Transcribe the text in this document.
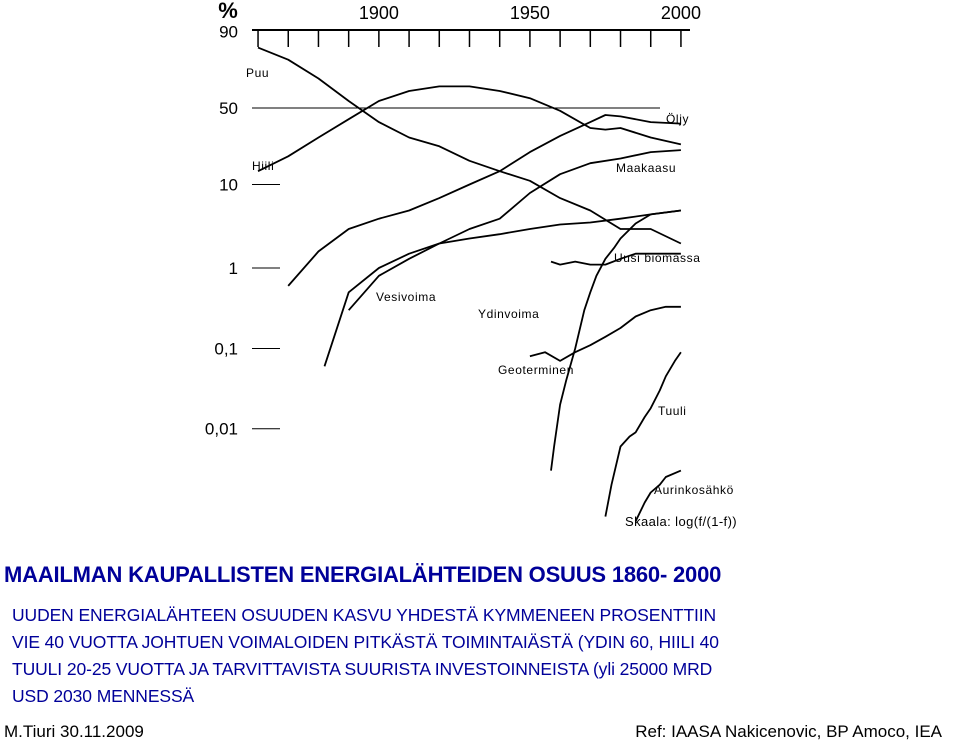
1900	1950	2000
%
90
50
10
1
0,1
0,01
Puu
Hiili
Öljy
Maakaasu
Vesivoima
Ydinvoima
Uusi biomassa
Geoterminen
Tuuli
Aurinkosähkö
Skaala: log(f/(1-f))
MAAILMAN KAUPALLISTEN ENERGIALÄHTEIDEN OSUUS 1860- 2000
UUDEN ENERGIALÄHTEEN OSUUDEN KASVU YHDESTÄ KYMMENEEN PROSENTTIIN
VIE 40 VUOTTA JOHTUEN VOIMALOIDEN PITKÄSTÄ TOIMINTAIÄSTÄ (YDIN 60, HIILI 40
TUULI 20-25 VUOTTA JA TARVITTAVISTA SUURISTA INVESTOINNEISTA (yli 25000 MRD
USD 2030 MENNESSÄ
M.Tiuri 30.11.2009	Ref: IAASA Nakicenovic, BP Amoco, IEA
